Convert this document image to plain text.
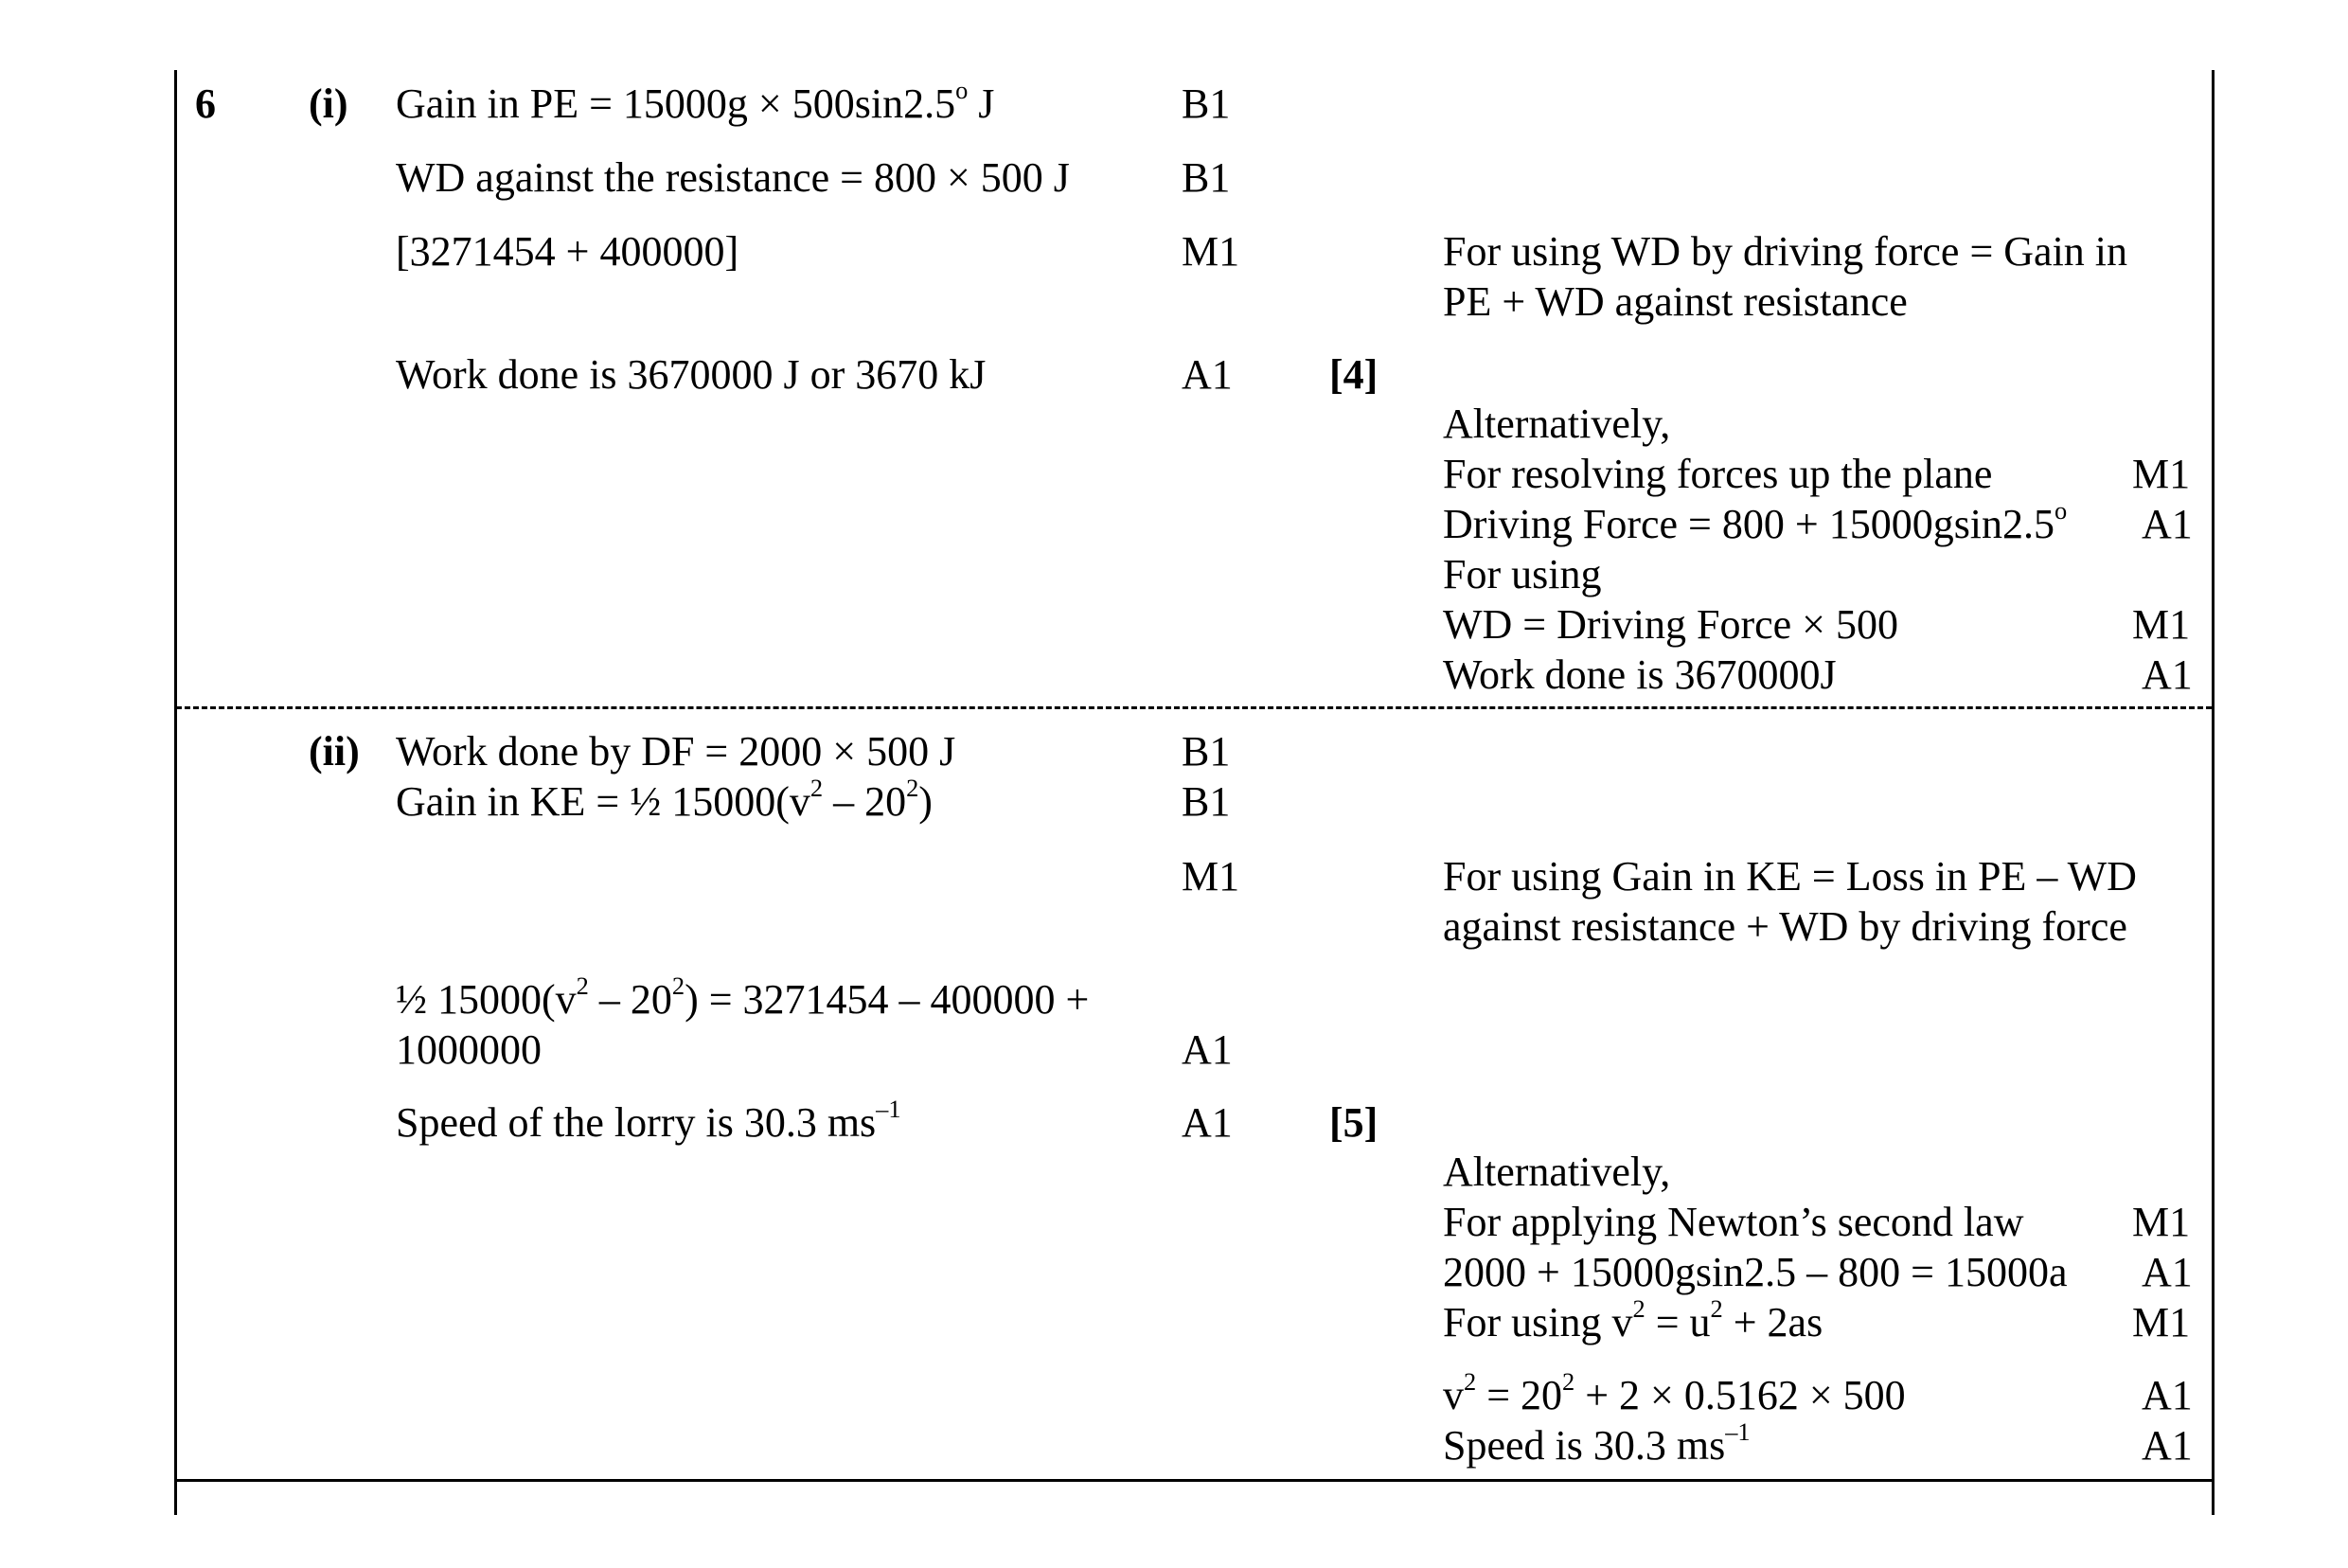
6 (i) Gain in PE = $15000g \times 500\sin 2.5^o$ J	B1
WD against the resistance = 800 × 500 J	B1
[3271454 + 400000]	M1	For using WD by driving force = Gain in
PE + WD against resistance
Work done is 3670000 J or 3670 kJ	A1 [4]
Alternatively,
For resolving forces up the plane	M1
Driving Force = $800 + 15000gsin2.5^o$ A1
For using
WD = Driving Force × 500	M1
Work done is 3670000J	A1
(ii) Work done by DF = 2000 × 500 J	B1
Gain in KE = ½ $15000(v^2 - 20^2)$	B1
M1	For using Gain in KE = Loss in PE – WD
against resistance + WD by driving force
½ $15000(v^2 - 20^2) = 3271454 - 400000$ +
1000000	A1
Speed of the lorry is 30.3 $ms^{-1}$	A1 [5]
Alternatively,
For applying Newton’s second law	M1
2000 + 15000gsin2.5 – 800 = 15000a A1
For using $v^2 = u^2 + 2as$	M1
$v^2 = 20^2 + 2 \times 0.5162 \times 500$	A1
Speed is 30.3 $ms^{-1}$	A1
